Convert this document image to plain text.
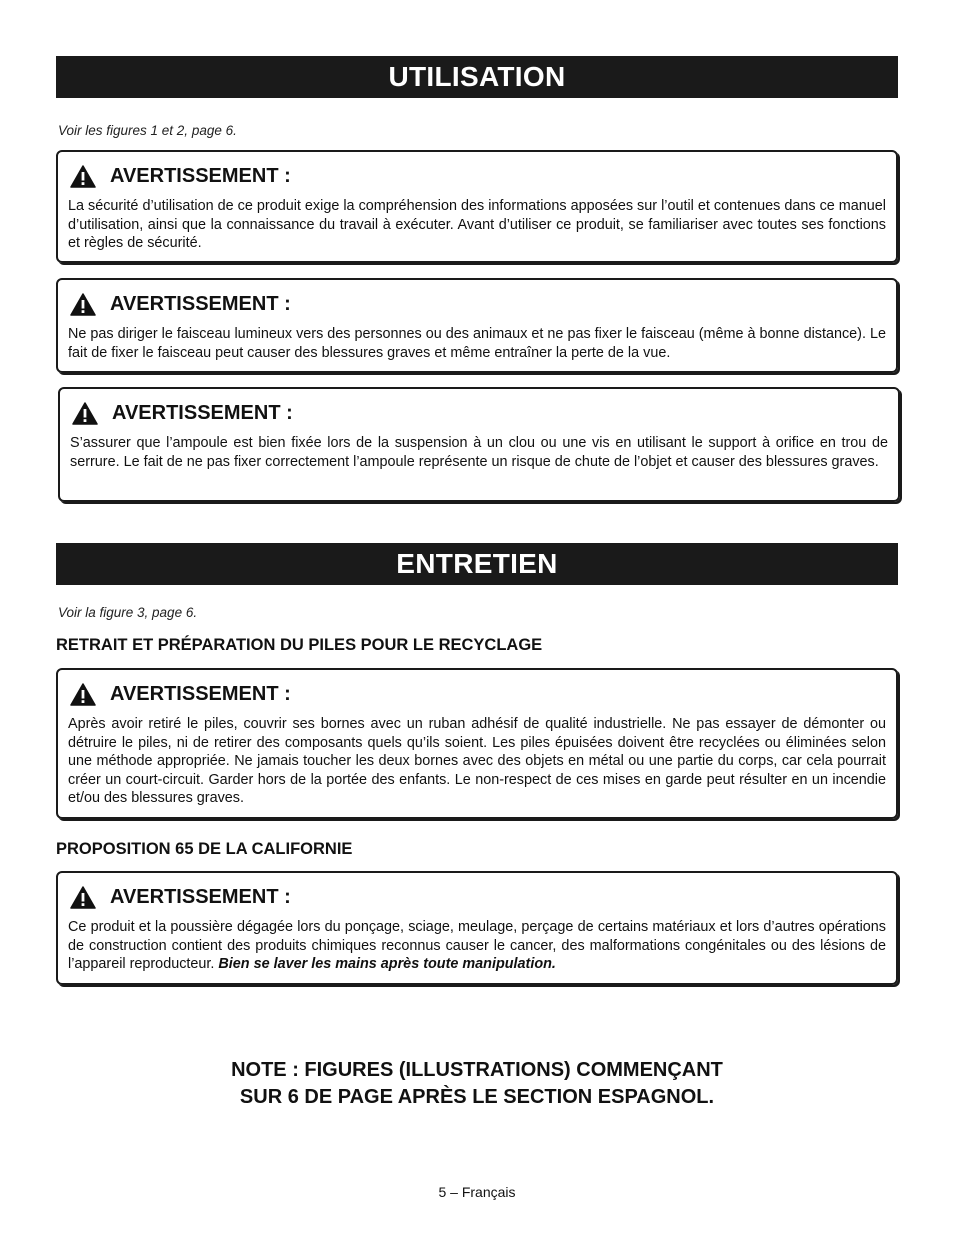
UTILISATION
Voir les figures 1 et 2, page 6.
AVERTISSEMENT :

La sécurité d’utilisation de ce produit exige la compréhension des informations apposées sur l’outil et contenues dans ce manuel d’utilisation, ainsi que la connaissance du travail à exécuter. Avant d’utiliser ce produit, se familiariser avec toutes ses fonctions et règles de sécurité.

AVERTISSEMENT :

Ne pas diriger le faisceau lumineux vers des personnes ou des animaux et ne pas fixer le faisceau (même à bonne distance). Le fait de fixer le faisceau peut causer des blessures graves et même entraîner la perte de la vue.

AVERTISSEMENT :

S’assurer que l’ampoule est bien fixée lors de la suspension à un clou ou une vis en utilisant le support à orifice en trou de serrure. Le fait de ne pas fixer correctement l’ampoule représente un risque de chute de l’objet et causer des blessures graves.

ENTRETIEN
Voir la figure 3, page 6.
RETRAIT ET PRÉPARATION DU PILES POUR LE RECYCLAGE
AVERTISSEMENT :

Après avoir retiré le piles, couvrir ses bornes avec un ruban adhésif de qualité industrielle. Ne pas essayer de démonter ou détruire le piles, ni de retirer des composants quels qu’ils soient. Les piles épuisées doivent être recyclées ou éliminées selon une méthode appropriée. Ne jamais toucher les deux bornes avec des objets en métal ou une partie du corps, car cela pourrait créer un court-circuit. Garder hors de la portée des enfants. Le non-respect de ces mises en garde peut résulter en un incendie et/ou des blessures graves.

PROPOSITION 65 DE LA CALIFORNIE
AVERTISSEMENT :

Ce produit et la poussière dégagée lors du ponçage, sciage, meulage, perçage de certains matériaux et lors d’autres opérations de construction contient des produits chimiques reconnus causer le cancer, des malformations congénitales ou des lésions de l’appareil reproducteur. Bien se laver les mains après toute manipulation.

NOTE : FIGURES (ILLUSTRATIONS) COMMENÇANT
SUR 6 DE PAGE APRÈS LE SECTION ESPAGNOL.
5 – Français
